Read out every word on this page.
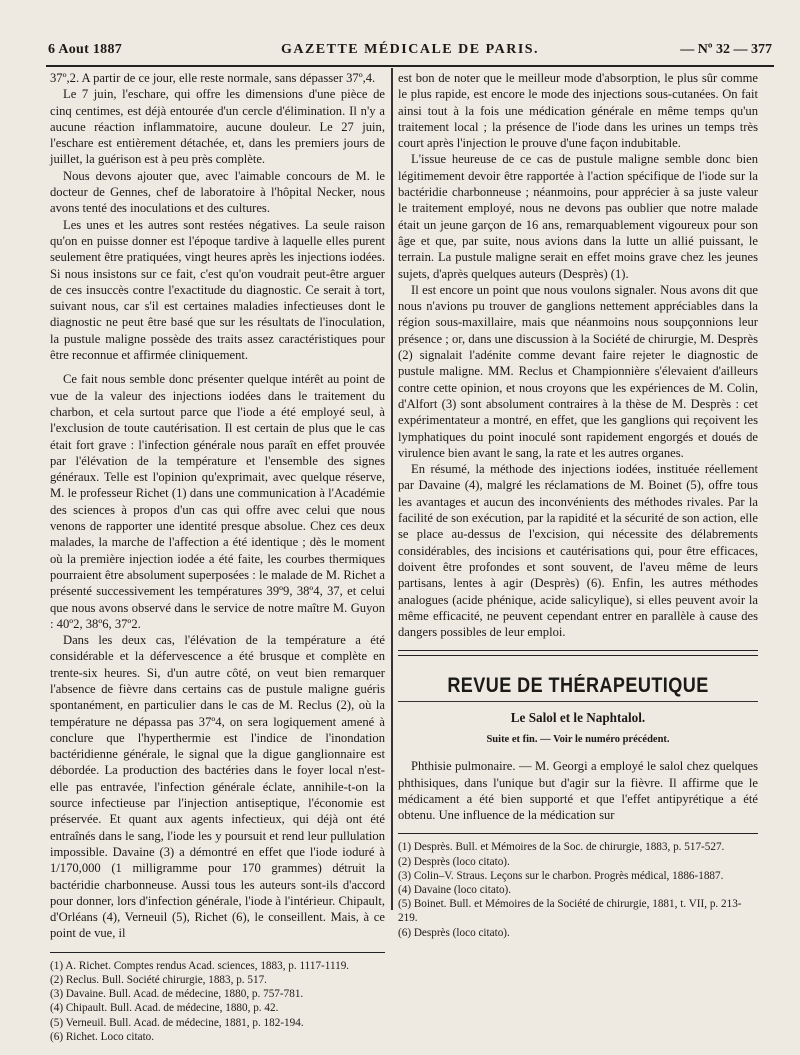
6 Aout 1887	GAZETTE MÉDICALE DE PARIS.	— Nº 32 — 377

37º,2. A partir de ce jour, elle reste normale, sans dépasser 37º,4.

Le 7 juin, l'eschare, qui offre les dimensions d'une pièce de cinq centimes, est déjà entourée d'un cercle d'élimination. Il n'y a aucune réaction inflammatoire, aucune douleur. Le 27 juin, l'eschare est entièrement détachée, et, dans les premiers jours de juillet, la guérison est à peu près complète.

Nous devons ajouter que, avec l'aimable concours de M. le docteur de Gennes, chef de laboratoire à l'hôpital Necker, nous avons tenté des inoculations et des cultures.

Les unes et les autres sont restées négatives. La seule raison qu'on en puisse donner est l'époque tardive à laquelle elles purent seulement être pratiquées, vingt heures après les injections iodées. Si nous insistons sur ce fait, c'est qu'on voudrait peut-être arguer de ces insuccès contre l'exactitude du diagnostic. Ce serait à tort, suivant nous, car s'il est certaines maladies infectieuses dont le diagnostic ne peut être basé que sur les résultats de l'inoculation, la pustule maligne possède des traits assez caractéristiques pour être reconnue et affirmée cliniquement.

Ce fait nous semble donc présenter quelque intérêt au point de vue de la valeur des injections iodées dans le traitement du charbon, et cela surtout parce que l'iode a été employé seul, à l'exclusion de toute cautérisation. Il est certain de plus que le cas était fort grave : l'infection générale nous paraît en effet prouvée par l'élévation de la température et l'ensemble des signes généraux. Telle est l'opinion qu'exprimait, avec quelque réserve, M. le professeur Richet (1) dans une communication à l'Académie des sciences à propos d'un cas qui offre avec celui que nous venons de rapporter une identité presque absolue. Chez ces deux malades, la marche de l'affection a été identique ; dès le moment où la première injection iodée a été faite, les courbes thermiques pourraient être absolument superposées : le malade de M. Richet a présenté successivement les températures 39º9, 38º4, 37, et celui que nous avons observé dans le service de notre maître M. Guyon : 40º2, 38º6, 37º2.

Dans les deux cas, l'élévation de la température a été considérable et la défervescence a été brusque et complète en trente-six heures. Si, d'un autre côté, on veut bien remarquer l'absence de fièvre dans certains cas de pustule maligne guéris spontanément, en particulier dans le cas de M. Reclus (2), où la température ne dépassa pas 37º4, on sera logiquement amené à conclure que l'hyperthermie est l'indice de l'inondation bactéridienne générale, le signal que la digue ganglionnaire est débordée. La production des bactéries dans le foyer local n'est-elle pas entravée, l'infection générale éclate, annihile-t-on la source infectieuse par l'injection antiseptique, l'économie est préservée. Et quant aux agents infectieux, qui déjà ont été entraînés dans le sang, l'iode les y poursuit et rend leur pullulation impossible. Davaine (3) a démontré en effet que l'iode ioduré à 1/170,000 (1 milligramme pour 170 grammes) détruit la bactéridie charbonneuse. Aussi tous les auteurs sont-ils d'accord pour donner, lors d'infection générale, l'iode à l'intérieur. Chipault, d'Orléans (4), Verneuil (5), Richet (6), le conseillent. Mais, à ce point de vue, il

(1) A. Richet. Comptes rendus Acad. sciences, 1883, p. 1117-1119.
(2) Reclus. Bull. Société chirurgie, 1883, p. 517.
(3) Davaine. Bull. Acad. de médecine, 1880, p. 757-781.
(4) Chipault. Bull. Acad. de médecine, 1880, p. 42.
(5) Verneuil. Bull. Acad. de médecine, 1881, p. 182-194.
(6) Richet. Loco citato.

est bon de noter que le meilleur mode d'absorption, le plus sûr comme le plus rapide, est encore le mode des injections sous-cutanées. On fait ainsi tout à la fois une médication générale en même temps qu'un traitement local ; la présence de l'iode dans les urines un temps très court après l'injection le prouve d'une façon indubitable.

L'issue heureuse de ce cas de pustule maligne semble donc bien légitimement devoir être rapportée à l'action spécifique de l'iode sur la bactéridie charbonneuse ; néanmoins, pour apprécier à sa juste valeur le traitement employé, nous ne devons pas oublier que notre malade était un jeune garçon de 16 ans, remarquablement vigoureux pour son âge et que, par suite, nous avions dans la lutte un allié puissant, le terrain. La pustule maligne serait en effet moins grave chez les jeunes sujets, d'après quelques auteurs (Desprès) (1).

Il est encore un point que nous voulons signaler. Nous avons dit que nous n'avions pu trouver de ganglions nettement appréciables dans la région sous-maxillaire, mais que néanmoins nous soupçonnions leur présence ; or, dans une discussion à la Société de chirurgie, M. Desprès (2) signalait l'adénite comme devant faire rejeter le diagnostic de pustule maligne. MM. Reclus et Championnière s'élevaient d'ailleurs contre cette opinion, et nous croyons que les expériences de M. Colin, d'Alfort (3) sont absolument contraires à la thèse de M. Desprès : cet expérimentateur a montré, en effet, que les ganglions qui reçoivent les lymphatiques du point inoculé sont rapidement engorgés et doués de virulence bien avant le sang, la rate et les autres organes.

En résumé, la méthode des injections iodées, instituée réellement par Davaine (4), malgré les réclamations de M. Boinet (5), offre tous les avantages et aucun des inconvénients des méthodes rivales. Par la facilité de son exécution, par la rapidité et la sécurité de son action, elle se place au-dessus de l'excision, qui nécessite des délabrements considérables, des incisions et cautérisations qui, pour être efficaces, doivent être profondes et sont souvent, de l'aveu même de leurs partisans, lentes à agir (Desprès) (6). Enfin, les autres méthodes analogues (acide phénique, acide salicylique), si elles peuvent avoir la même efficacité, ne peuvent cependant entrer en parallèle à cause des dangers possibles de leur emploi.

REVUE DE THÉRAPEUTIQUE
Le Salol et le Naphtalol.
Suite et fin. — Voir le numéro précédent.

Phthisie pulmonaire. — M. Georgi a employé le salol chez quelques phthisiques, dans l'unique but d'agir sur la fièvre. Il affirme que le médicament a été bien supporté et que l'effet antipyrétique a été obtenu. Une influence de la médication sur

(1) Desprès. Bull. et Mémoires de la Soc. de chirurgie, 1883, p. 517-527.
(2) Desprès (loco citato).
(3) Colin–V. Straus. Leçons sur le charbon. Progrès médical, 1886-1887.
(4) Davaine (loco citato).
(5) Boinet. Bull. et Mémoires de la Société de chirurgie, 1881, t. VII, p. 213-219.
(6) Desprès (loco citato).
